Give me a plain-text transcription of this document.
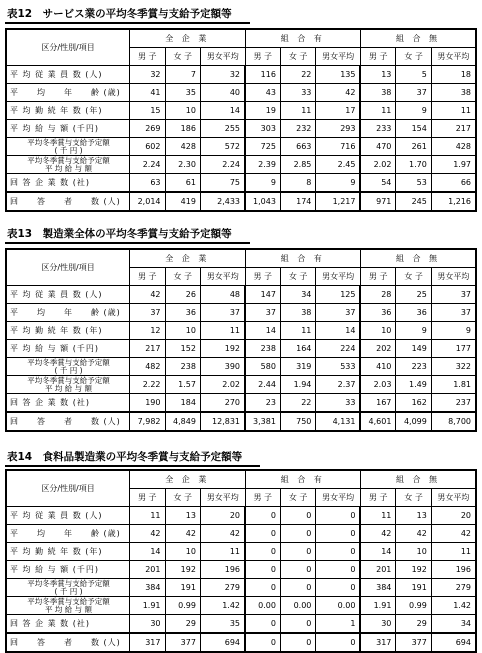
表12　サービス業の平均冬季賞与支給予定額等
区分/性別/項目	全 企 業			組 合 有			組 合 無		
	男 子	女 子	男女平均	男 子	女 子	男女平均	男 子	女 子	男女平均
平 均 従 業 員 数 (人)	32	7	32	116	22	135	13	5	18
平　　均　　年　　齢 (歳)	41	35	40	43	33	42	38	37	38
平 均 勤 続 年 数 (年)	15	10	14	19	11	17	11	9	11
平 均 給 与 額 (千円)	269	186	255	303	232	293	233	154	217
平均冬季賞与支給予定額
( 千 円 )	602	428	572	725	663	716	470	261	428
平均冬季賞与支給予定額
平 均 給 与 額	2.24	2.30	2.24	2.39	2.85	2.45	2.02	1.70	1.97
回 答 企 業 数 (社)	63	61	75	9	8	9	54	53	66
回　　答　　者　　数 (人)	2,014	419	2,433	1,043	174	1,217	971	245	1,216
表13　製造業全体の平均冬季賞与支給予定額等
区分/性別/項目	全 企 業			組 合 有			組 合 無		
	男 子	女 子	男女平均	男 子	女 子	男女平均	男 子	女 子	男女平均
平 均 従 業 員 数 (人)	42	26	48	147	34	125	28	25	37
平　　均　　年　　齢 (歳)	37	36	37	37	38	37	36	36	37
平 均 勤 続 年 数 (年)	12	10	11	14	11	14	10	9	9
平 均 給 与 額 (千円)	217	152	192	238	164	224	202	149	177
平均冬季賞与支給予定額
( 千 円 )	482	238	390	580	319	533	410	223	322
平均冬季賞与支給予定額
平 均 給 与 額	2.22	1.57	2.02	2.44	1.94	2.37	2.03	1.49	1.81
回 答 企 業 数 (社)	190	184	270	23	22	33	167	162	237
回　　答　　者　　数 (人)	7,982	4,849	12,831	3,381	750	4,131	4,601	4,099	8,700
表14　食料品製造業の平均冬季賞与支給予定額等
区分/性別/項目	全 企 業			組 合 有			組 合 無		
	男 子	女 子	男女平均	男 子	女 子	男女平均	男 子	女 子	男女平均
平 均 従 業 員 数 (人)	11	13	20	0	0	0	11	13	20
平　　均　　年　　齢 (歳)	42	42	42	0	0	0	42	42	42
平 均 勤 続 年 数 (年)	14	10	11	0	0	0	14	10	11
平 均 給 与 額 (千円)	201	192	196	0	0	0	201	192	196
平均冬季賞与支給予定額
( 千 円 )	384	191	279	0	0	0	384	191	279
平均冬季賞与支給予定額
平 均 給 与 額	1.91	0.99	1.42	0.00	0.00	0.00	1.91	0.99	1.42
回 答 企 業 数 (社)	30	29	35	0	0	1	30	29	34
回　　答　　者　　数 (人)	317	377	694	0	0	0	317	377	694
